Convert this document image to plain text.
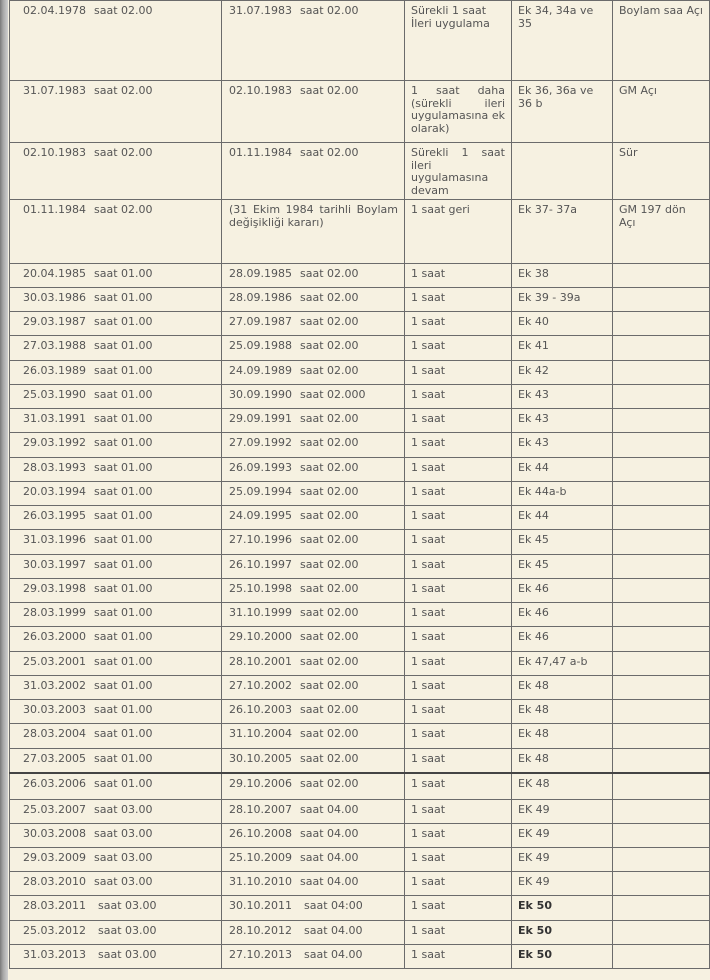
02.04.1978 saat 02.00	31.07.1983 saat 02.00	Sürekli 1 saat İleri uygulama	Ek 34, 34a ve 35	Boylam saa Açı
31.07.1983 saat 02.00	02.10.1983 saat 02.00	1 saat daha (sürekli ileri uygulamasına ek olarak)	Ek 36, 36a ve 36 b	GM Açı
02.10.1983 saat 02.00	01.11.1984 saat 02.00	Sürekli 1 saat ileri uygulamasına devam		Sür
01.11.1984 saat 02.00	(31 Ekim 1984 tarihli Boylam değişikliği kararı)	1 saat geri	Ek 37- 37a	GM 197 dön Açı
20.04.1985 saat 01.00	28.09.1985 saat 02.00	1 saat	Ek 38	
30.03.1986 saat 01.00	28.09.1986 saat 02.00	1 saat	Ek 39 - 39a	
29.03.1987 saat 01.00	27.09.1987 saat 02.00	1 saat	Ek 40	
27.03.1988 saat 01.00	25.09.1988 saat 02.00	1 saat	Ek 41	
26.03.1989 saat 01.00	24.09.1989 saat 02.00	1 saat	Ek 42	
25.03.1990 saat 01.00	30.09.1990 saat 02.000	1 saat	Ek 43	
31.03.1991 saat 01.00	29.09.1991 saat 02.00	1 saat	Ek 43	
29.03.1992 saat 01.00	27.09.1992 saat 02.00	1 saat	Ek 43	
28.03.1993 saat 01.00	26.09.1993 saat 02.00	1 saat	Ek 44	
20.03.1994 saat 01.00	25.09.1994 saat 02.00	1 saat	Ek 44a-b	
26.03.1995 saat 01.00	24.09.1995 saat 02.00	1 saat	Ek 44	
31.03.1996 saat 01.00	27.10.1996 saat 02.00	1 saat	Ek 45	
30.03.1997 saat 01.00	26.10.1997 saat 02.00	1 saat	Ek 45	
29.03.1998 saat 01.00	25.10.1998 saat 02.00	1 saat	Ek 46	
28.03.1999 saat 01.00	31.10.1999 saat 02.00	1 saat	Ek 46	
26.03.2000 saat 01.00	29.10.2000 saat 02.00	1 saat	Ek 46	
25.03.2001 saat 01.00	28.10.2001 saat 02.00	1 saat	Ek 47,47 a-b	
31.03.2002 saat 01.00	27.10.2002 saat 02.00	1 saat	Ek 48	
30.03.2003 saat 01.00	26.10.2003 saat 02.00	1 saat	Ek 48	
28.03.2004 saat 01.00	31.10.2004 saat 02.00	1 saat	Ek 48	
27.03.2005 saat 01.00	30.10.2005 saat 02.00	1 saat	Ek 48	
26.03.2006 saat 01.00	29.10.2006 saat 02.00	1 saat	EK 48	
25.03.2007 saat 03.00	28.10.2007 saat 04.00	1 saat	EK 49	
30.03.2008 saat 03.00	26.10.2008 saat 04.00	1 saat	EK 49	
29.03.2009 saat 03.00	25.10.2009 saat 04.00	1 saat	EK 49	
28.03.2010 saat 03.00	31.10.2010 saat 04.00	1 saat	EK 49	
28.03.2011 saat 03.00	30.10.2011 saat 04:00	1 saat	Ek 50	
25.03.2012 saat 03.00	28.10.2012 saat 04.00	1 saat	Ek 50	
31.03.2013 saat 03.00	27.10.2013 saat 04.00	1 saat	Ek 50	
